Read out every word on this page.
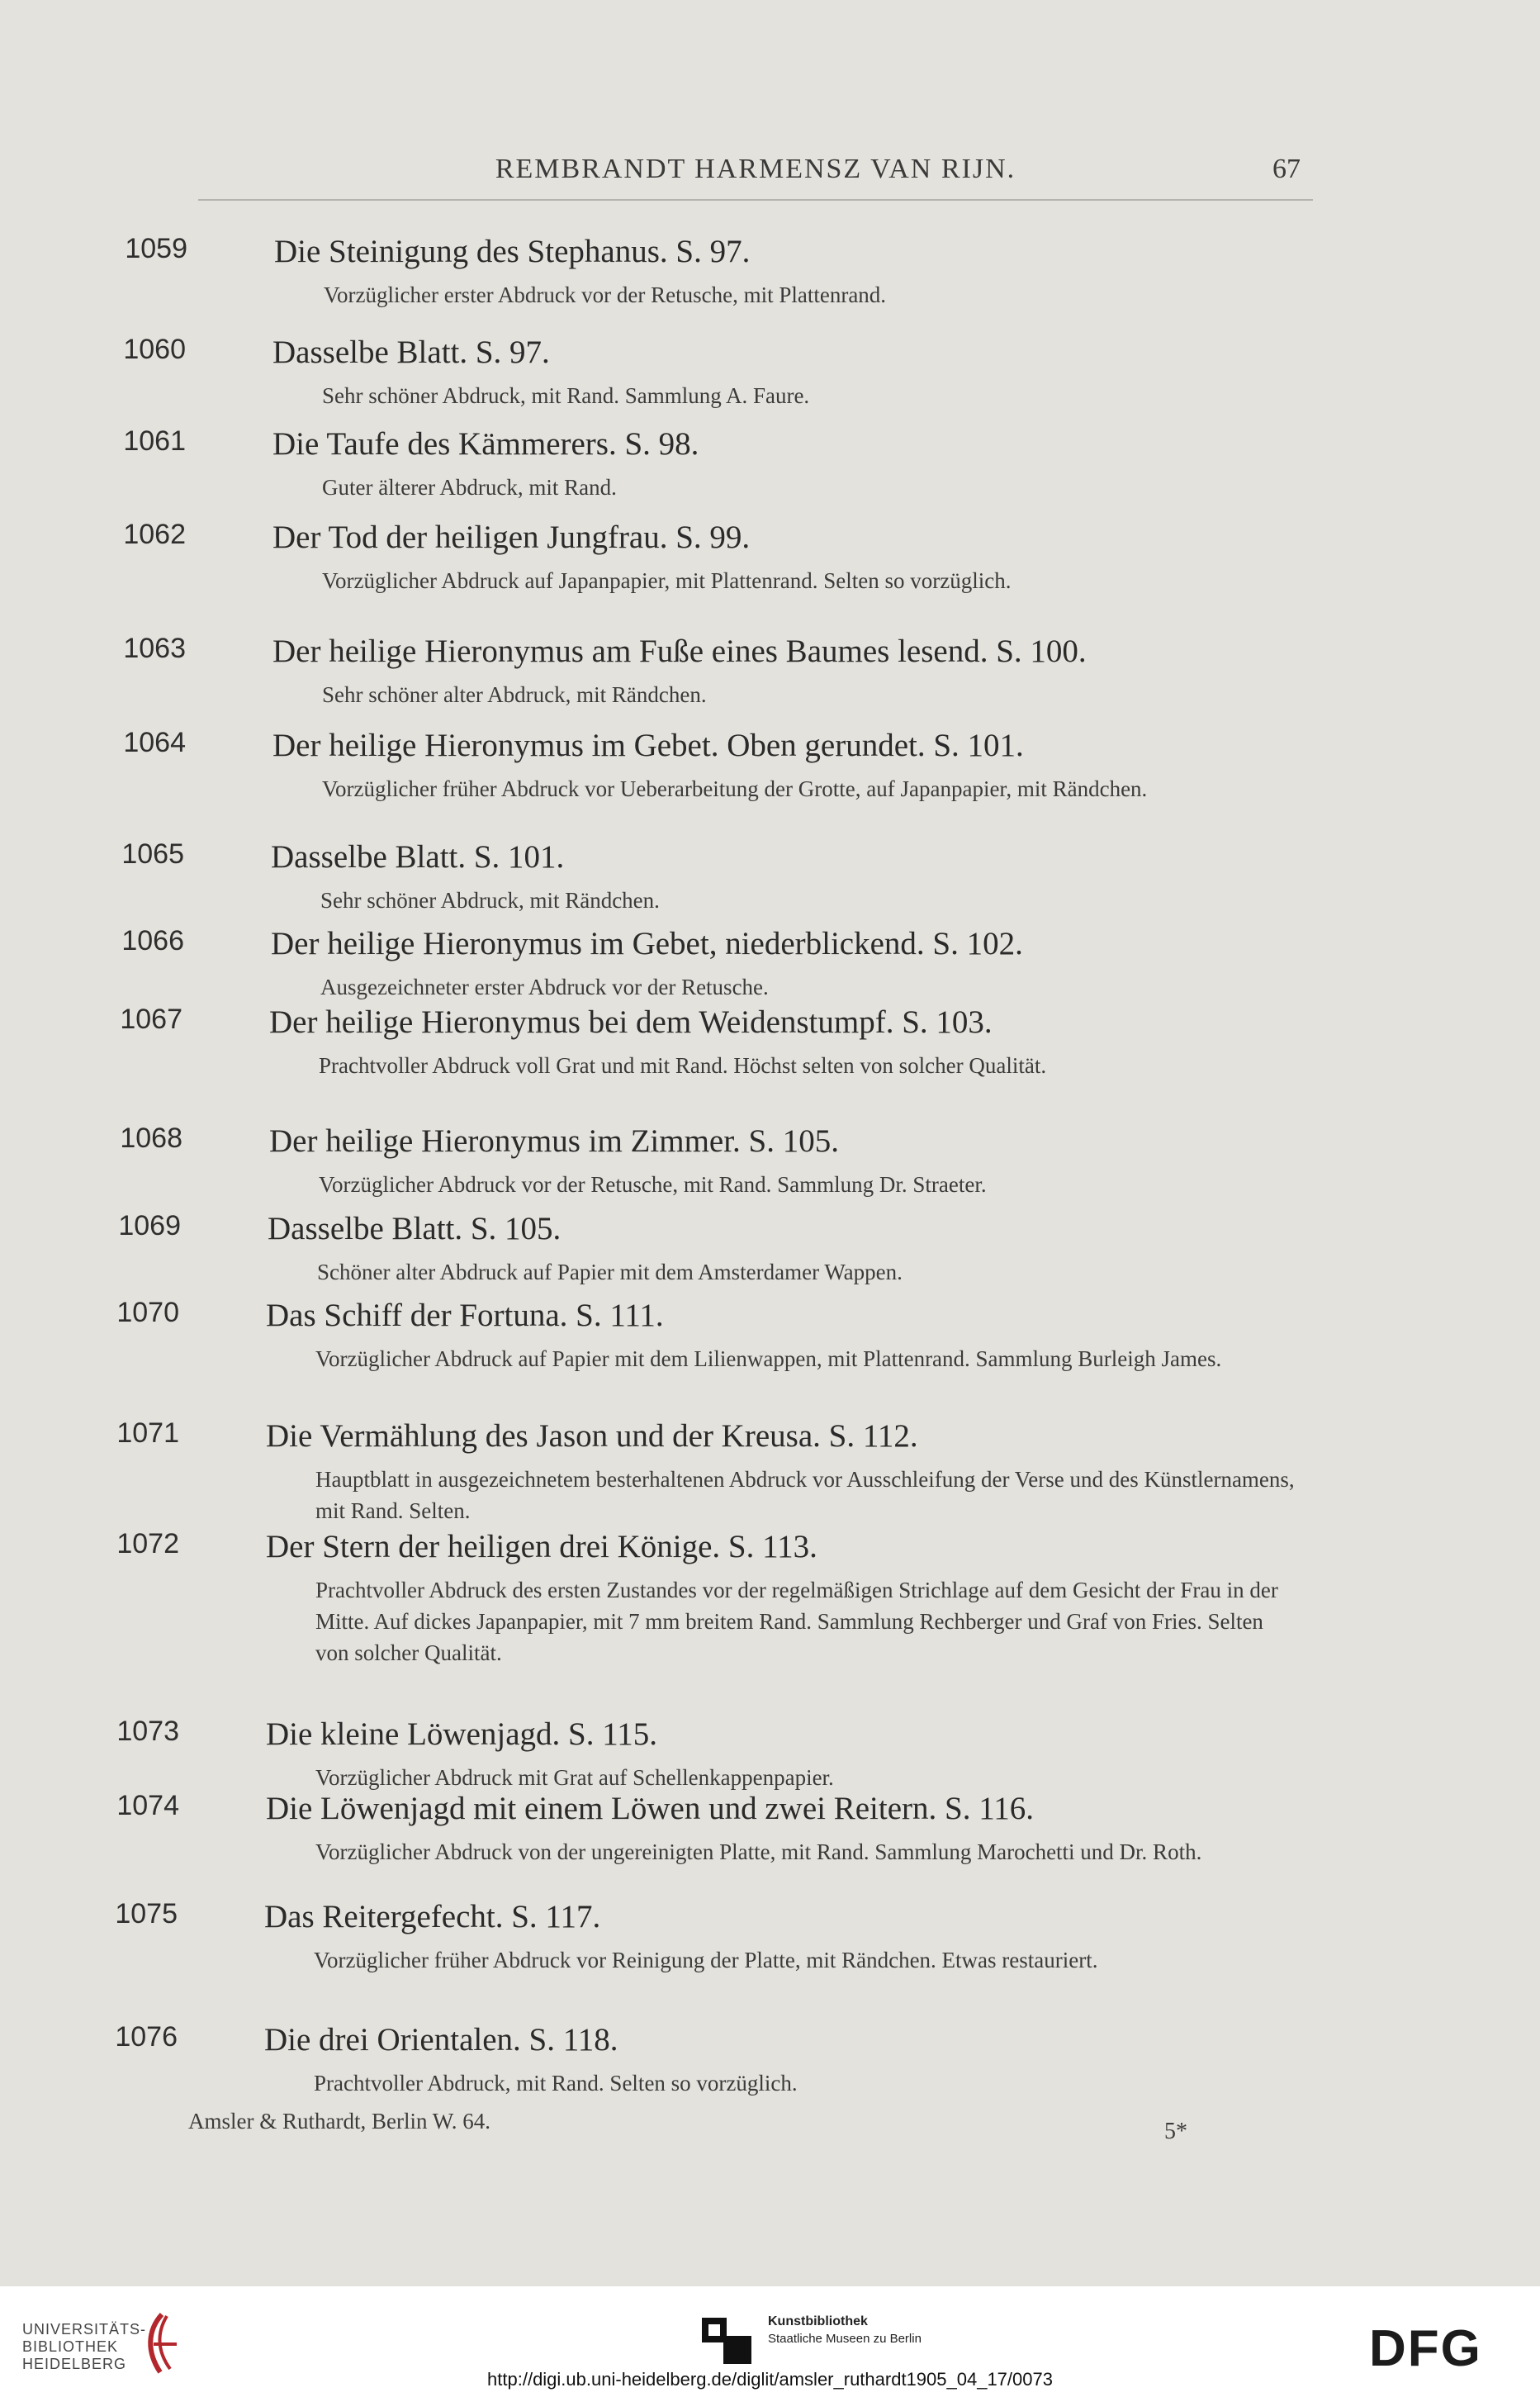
REMBRANDT HARMENSZ VAN RIJN.	67
1059	Die Steinigung des Stephanus. S. 97.
Vorzüglicher erster Abdruck vor der Retusche, mit Plattenrand.
1060	Dasselbe Blatt. S. 97.
Sehr schöner Abdruck, mit Rand. Sammlung A. Faure.
1061	Die Taufe des Kämmerers. S. 98.
Guter älterer Abdruck, mit Rand.
1062	Der Tod der heiligen Jungfrau. S. 99.
Vorzüglicher Abdruck auf Japanpapier, mit Plattenrand. Selten so vorzüglich.
1063	Der heilige Hieronymus am Fuße eines Baumes lesend. S. 100.
Sehr schöner alter Abdruck, mit Rändchen.
1064	Der heilige Hieronymus im Gebet. Oben gerundet. S. 101.
Vorzüglicher früher Abdruck vor Ueberarbeitung der Grotte, auf Japanpapier, mit Rändchen.
1065	Dasselbe Blatt. S. 101.
Sehr schöner Abdruck, mit Rändchen.
1066	Der heilige Hieronymus im Gebet, niederblickend. S. 102.
Ausgezeichneter erster Abdruck vor der Retusche.
1067	Der heilige Hieronymus bei dem Weidenstumpf. S. 103.
Prachtvoller Abdruck voll Grat und mit Rand. Höchst selten von solcher Qualität.
1068	Der heilige Hieronymus im Zimmer. S. 105.
Vorzüglicher Abdruck vor der Retusche, mit Rand. Sammlung Dr. Straeter.
1069	Dasselbe Blatt. S. 105.
Schöner alter Abdruck auf Papier mit dem Amsterdamer Wappen.
1070	Das Schiff der Fortuna. S. 111.
Vorzüglicher Abdruck auf Papier mit dem Lilienwappen, mit Plattenrand. Sammlung Burleigh James.
1071	Die Vermählung des Jason und der Kreusa. S. 112.
Hauptblatt in ausgezeichnetem besterhaltenen Abdruck vor Ausschleifung der Verse und des Künstlernamens, mit Rand. Selten.
1072	Der Stern der heiligen drei Könige. S. 113.
Prachtvoller Abdruck des ersten Zustandes vor der regelmäßigen Strichlage auf dem Gesicht der Frau in der Mitte. Auf dickes Japanpapier, mit 7 mm breitem Rand. Sammlung Rechberger und Graf von Fries. Selten von solcher Qualität.
1073	Die kleine Löwenjagd. S. 115.
Vorzüglicher Abdruck mit Grat auf Schellenkappenpapier.
1074	Die Löwenjagd mit einem Löwen und zwei Reitern. S. 116.
Vorzüglicher Abdruck von der ungereinigten Platte, mit Rand. Sammlung Marochetti und Dr. Roth.
1075	Das Reitergefecht. S. 117.
Vorzüglicher früher Abdruck vor Reinigung der Platte, mit Rändchen. Etwas restauriert.
1076	Die drei Orientalen. S. 118.
Prachtvoller Abdruck, mit Rand. Selten so vorzüglich.
Amsler & Ruthardt, Berlin W. 64.	5*
UNIVERSITÄTS-
BIBLIOTHEK
HEIDELBERG
Kunstbibliothek
Staatliche Museen zu Berlin	DFG
http://digi.ub.uni-heidelberg.de/diglit/amsler_ruthardt1905_04_17/0073
